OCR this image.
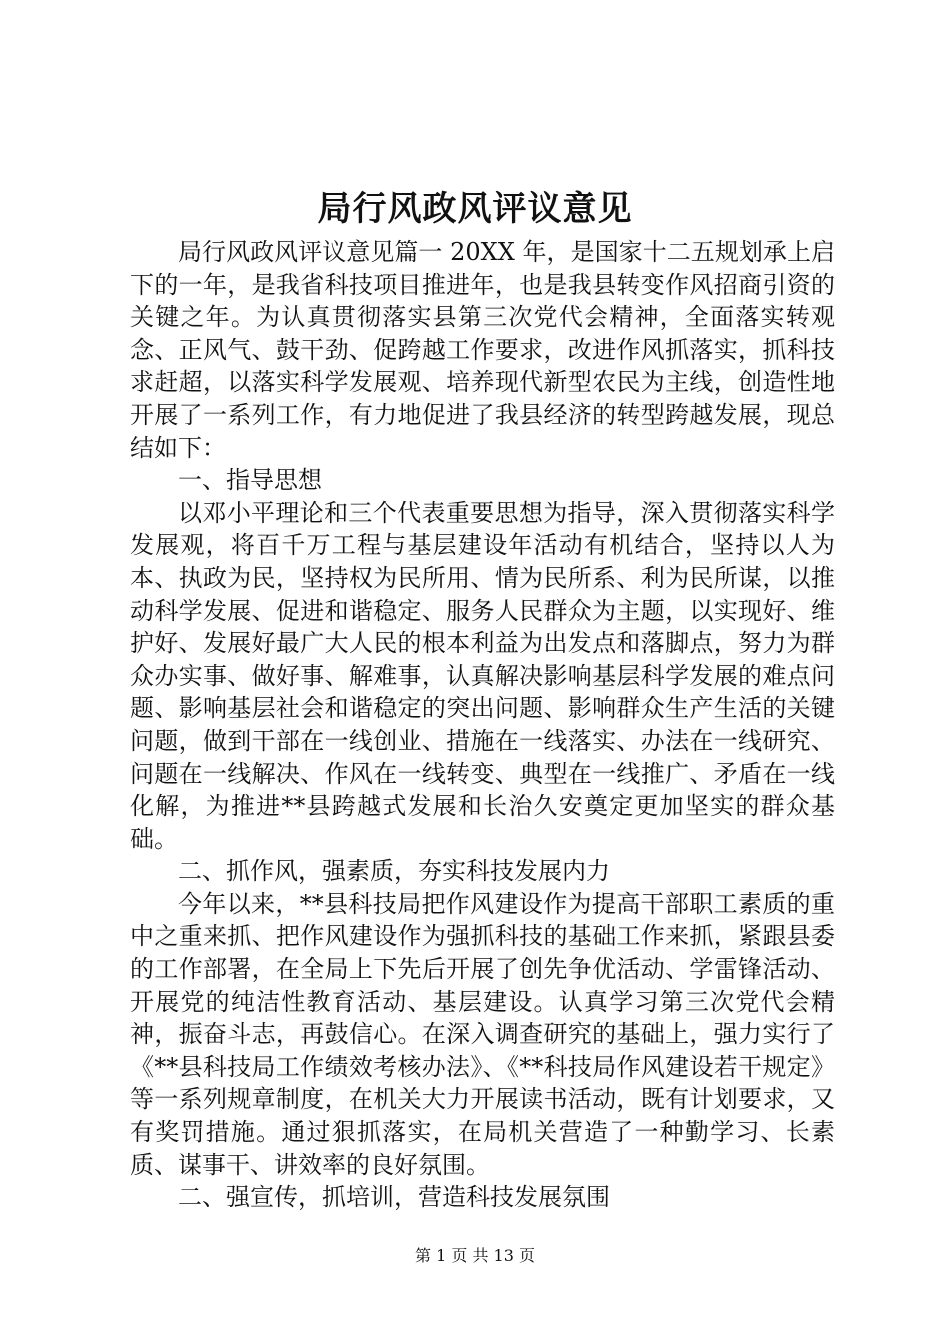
局行风政风评议意见

局行风政风评议意见篇一 20XX 年，是国家十二五规划承上启下的一年，是我省科技项目推进年，也是我县转变作风招商引资的关键之年。为认真贯彻落实县第三次党代会精神，全面落实转观念、正风气、鼓干劲、促跨越工作要求，改进作风抓落实，抓科技求赶超，以落实科学发展观、培养现代新型农民为主线，创造性地开展了一系列工作，有力地促进了我县经济的转型跨越发展，现总结如下：

一、指导思想

以邓小平理论和三个代表重要思想为指导，深入贯彻落实科学发展观，将百千万工程与基层建设年活动有机结合，坚持以人为本、执政为民，坚持权为民所用、情为民所系、利为民所谋，以推动科学发展、促进和谐稳定、服务人民群众为主题，以实现好、维护好、发展好最广大人民的根本利益为出发点和落脚点，努力为群众办实事、做好事、解难事，认真解决影响基层科学发展的难点问题、影响基层社会和谐稳定的突出问题、影响群众生产生活的关键问题，做到干部在一线创业、措施在一线落实、办法在一线研究、问题在一线解决、作风在一线转变、典型在一线推广、矛盾在一线化解，为推进**县跨越式发展和长治久安奠定更加坚实的群众基础。

二、抓作风，强素质，夯实科技发展内力

今年以来，**县科技局把作风建设作为提高干部职工素质的重中之重来抓、把作风建设作为强抓科技的基础工作来抓，紧跟县委的工作部署，在全局上下先后开展了创先争优活动、学雷锋活动、开展党的纯洁性教育活动、基层建设。认真学习第三次党代会精神，振奋斗志，再鼓信心。在深入调查研究的基础上，强力实行了《**县科技局工作绩效考核办法》、《**科技局作风建设若干规定》等一系列规章制度，在机关大力开展读书活动，既有计划要求，又有奖罚措施。通过狠抓落实，在局机关营造了一种勤学习、长素质、谋事干、讲效率的良好氛围。

二、强宣传，抓培训，营造科技发展氛围

第 1 页 共 13 页
